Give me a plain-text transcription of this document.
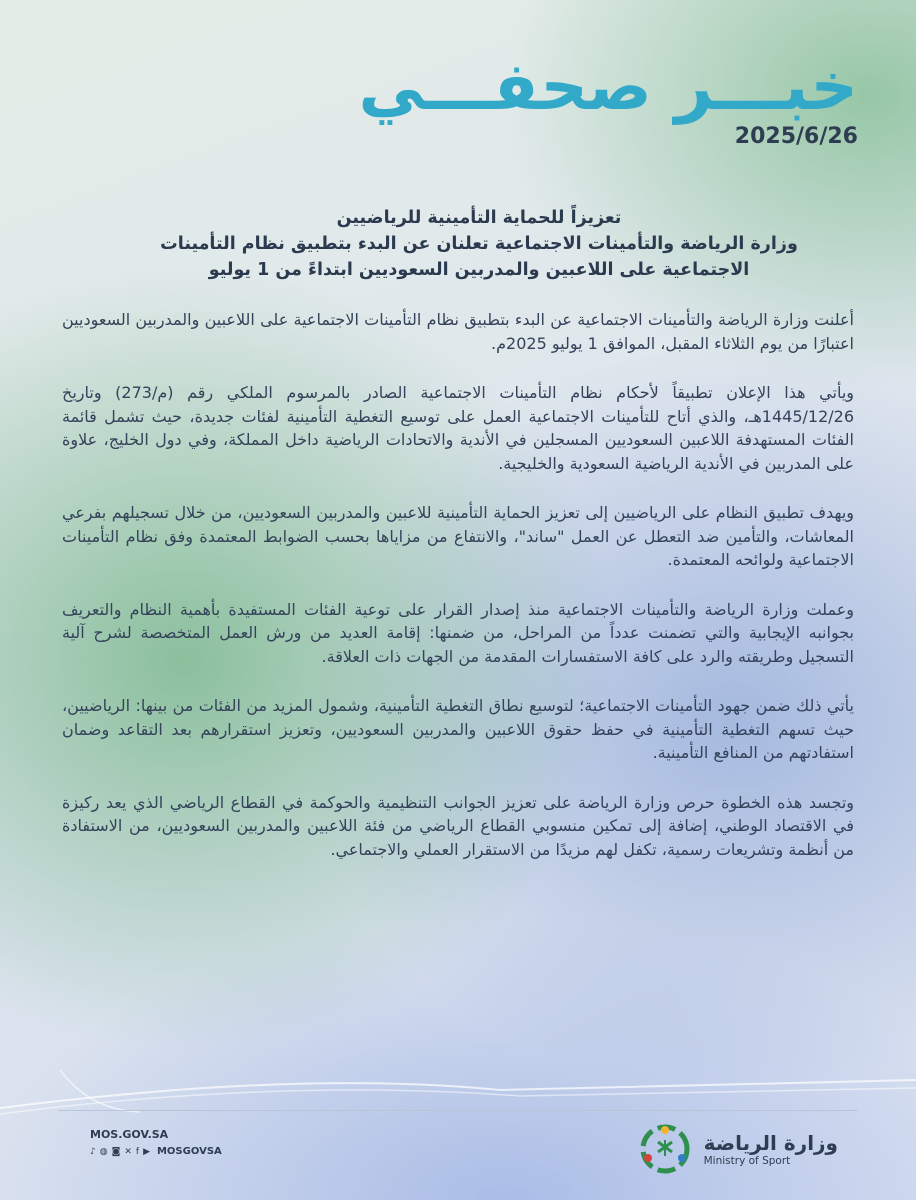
خبـــر صحفـــي
2025/6/26
تعزيزاً للحماية التأمينية للرياضيين
وزارة الرياضة والتأمينات الاجتماعية تعلنان عن البدء بتطبيق نظام التأمينات
الاجتماعية على اللاعبين والمدربين السعوديين ابتداءً من 1 يوليو

أعلنت وزارة الرياضة والتأمينات الاجتماعية عن البدء بتطبيق نظام التأمينات الاجتماعية على اللاعبين والمدربين السعوديين اعتبارًا من يوم الثلاثاء المقبل، الموافق 1 يوليو 2025م.

ويأتي هذا الإعلان تطبيقاً لأحكام نظام التأمينات الاجتماعية الصادر بالمرسوم الملكي رقم (م/273) وتاريخ 1445/12/26هـ، والذي أتاح للتأمينات الاجتماعية العمل على توسيع التغطية التأمينية لفئات جديدة، حيث تشمل قائمة الفئات المستهدفة اللاعبين السعوديين المسجلين في الأندية والاتحادات الرياضية داخل المملكة، وفي دول الخليج، علاوة على المدربين في الأندية الرياضية السعودية والخليجية.

ويهدف تطبيق النظام على الرياضيين إلى تعزيز الحماية التأمينية للاعبين والمدربين السعوديين، من خلال تسجيلهم بفرعي المعاشات، والتأمين ضد التعطل عن العمل "ساند"، والانتفاع من مزاياها بحسب الضوابط المعتمدة وفق نظام التأمينات الاجتماعية ولوائحه المعتمدة.

وعملت وزارة الرياضة والتأمينات الاجتماعية منذ إصدار القرار على توعية الفئات المستفيدة بأهمية النظام والتعريف بجوانبه الإيجابية والتي تضمنت عدداً من المراحل، من ضمنها: إقامة العديد من ورش العمل المتخصصة لشرح آلية التسجيل وطريقته والرد على كافة الاستفسارات المقدمة من الجهات ذات العلاقة.

يأتي ذلك ضمن جهود التأمينات الاجتماعية؛ لتوسيع نطاق التغطية التأمينية، وشمول المزيد من الفئات من بينها: الرياضيين، حيث تسهم التغطية التأمينية في حفظ حقوق اللاعبين والمدربين السعوديين، وتعزيز استقرارهم بعد التقاعد وضمان استفادتهم من المنافع التأمينية.

وتجسد هذه الخطوة حرص وزارة الرياضة على تعزيز الجوانب التنظيمية والحوكمة في القطاع الرياضي الذي يعد ركيزة في الاقتصاد الوطني، إضافة إلى تمكين منسوبي القطاع الرياضي من فئة اللاعبين والمدربين السعوديين، من الاستفادة من أنظمة وتشريعات رسمية، تكفل لهم مزيدًا من الاستقرار العملي والاجتماعي.

MOS.GOV.SA
♪ ◍ ◙ ✕ f ▶ MOSGOVSA	وزارة الرياضة
Ministry of Sport
